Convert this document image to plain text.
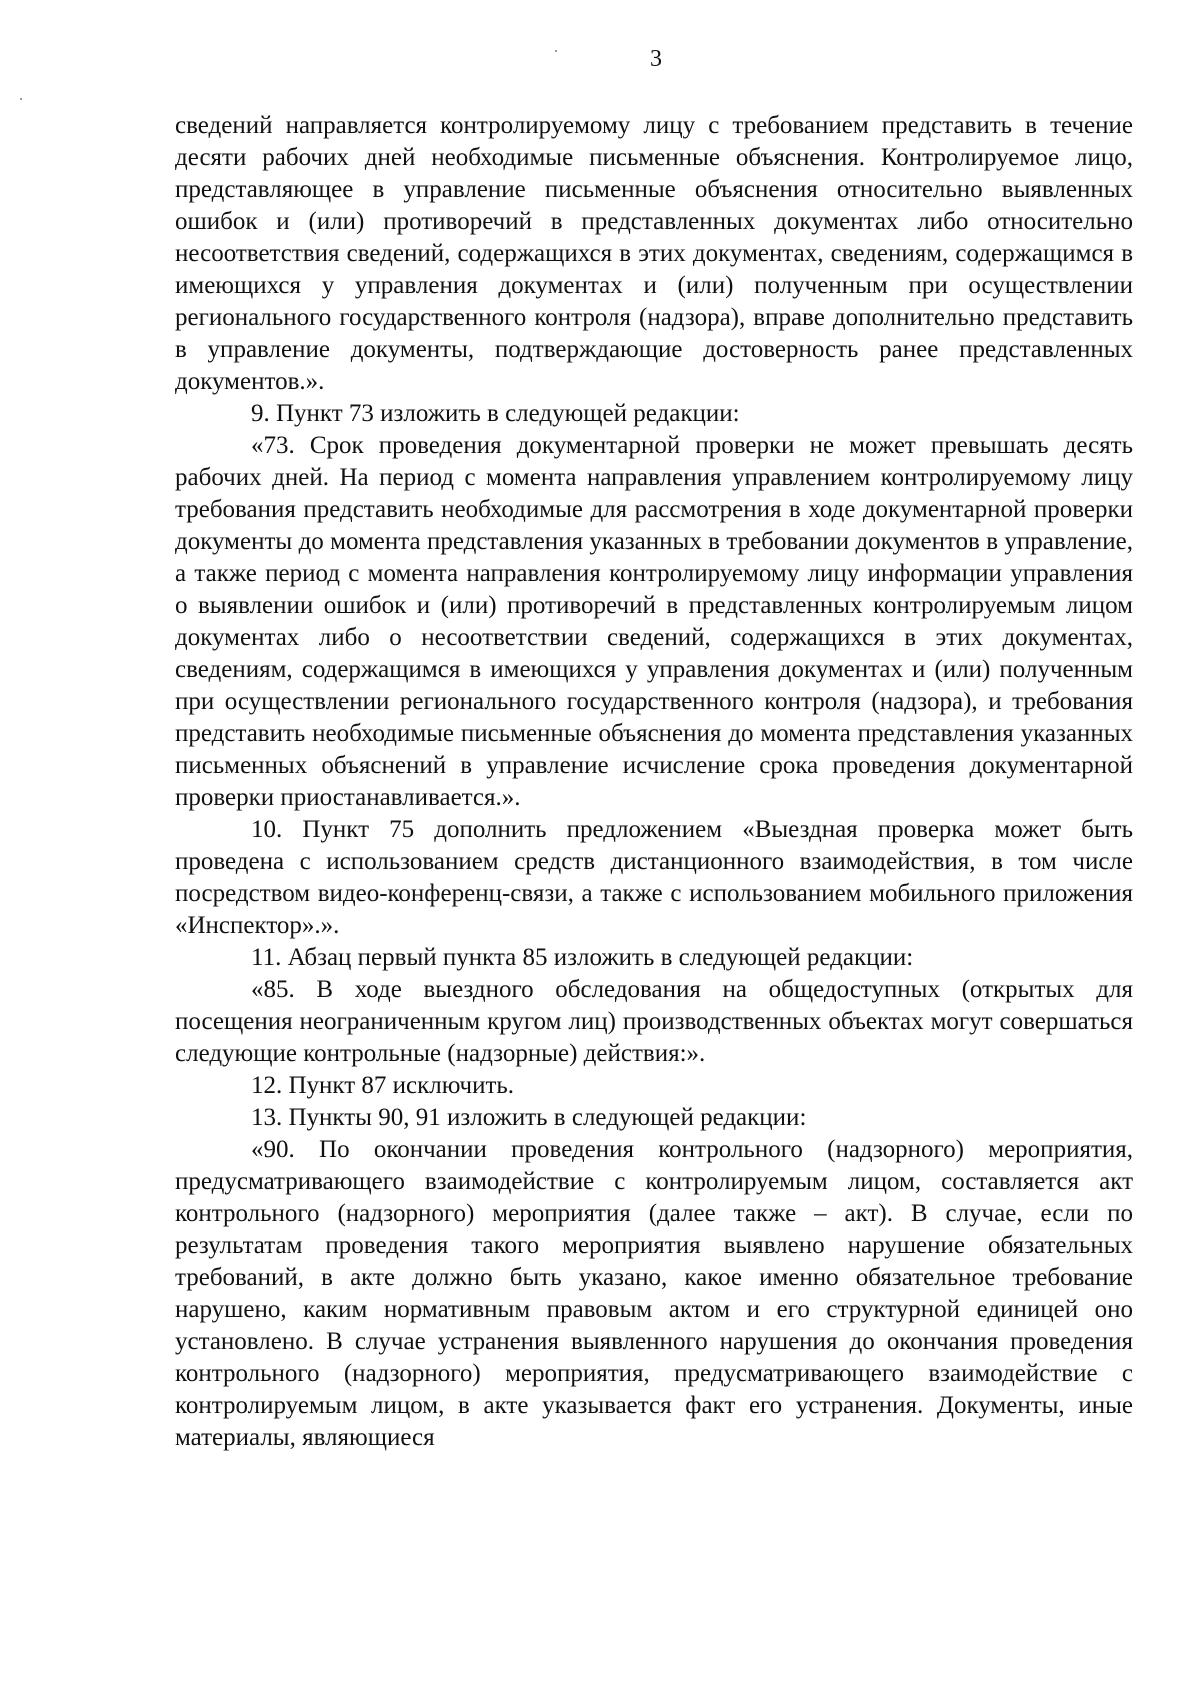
3

сведений направляется контролируемому лицу с требованием представить в течение десяти рабочих дней необходимые письменные объяснения. Контролируемое лицо, представляющее в управление письменные объяснения относительно выявленных ошибок и (или) противоречий в представленных документах либо относительно несоответствия сведений, содержащихся в этих документах, сведениям, содержащимся в имеющихся у управления документах и (или) полученным при осуществлении регионального государственного контроля (надзора), вправе дополнительно представить в управление документы, подтверждающие достоверность ранее представленных документов.».

9. Пункт 73 изложить в следующей редакции:

«73. Срок проведения документарной проверки не может превышать десять рабочих дней. На период с момента направления управлением контролируемому лицу требования представить необходимые для рассмотрения в ходе документарной проверки документы до момента представления указанных в требовании документов в управление, а также период с момента направления контролируемому лицу информации управления о выявлении ошибок и (или) противоречий в представленных контролируемым лицом документах либо о несоответствии сведений, содержащихся в этих документах, сведениям, содержащимся в имеющихся у управления документах и (или) полученным при осуществлении регионального государственного контроля (надзора), и требования представить необходимые письменные объяснения до момента представления указанных письменных объяснений в управление исчисление срока проведения документарной проверки приостанавливается.».

10. Пункт 75 дополнить предложением «Выездная проверка может быть проведена с использованием средств дистанционного взаимодействия, в том числе посредством видео-конференц-связи, а также с использованием мобильного приложения «Инспектор».».

11. Абзац первый пункта 85 изложить в следующей редакции:

«85. В ходе выездного обследования на общедоступных (открытых для посещения неограниченным кругом лиц) производственных объектах могут совершаться следующие контрольные (надзорные) действия:».

12. Пункт 87 исключить.

13. Пункты 90, 91 изложить в следующей редакции:

«90. По окончании проведения контрольного (надзорного) мероприятия, предусматривающего взаимодействие с контролируемым лицом, составляется акт контрольного (надзорного) мероприятия (далее также – акт). В случае, если по результатам проведения такого мероприятия выявлено нарушение обязательных требований, в акте должно быть указано, какое именно обязательное требование нарушено, каким нормативным правовым актом и его структурной единицей оно установлено. В случае устранения выявленного нарушения до окончания проведения контрольного (надзорного) мероприятия, предусматривающего взаимодействие с контролируемым лицом, в акте указывается факт его устранения. Документы, иные материалы, являющиеся
